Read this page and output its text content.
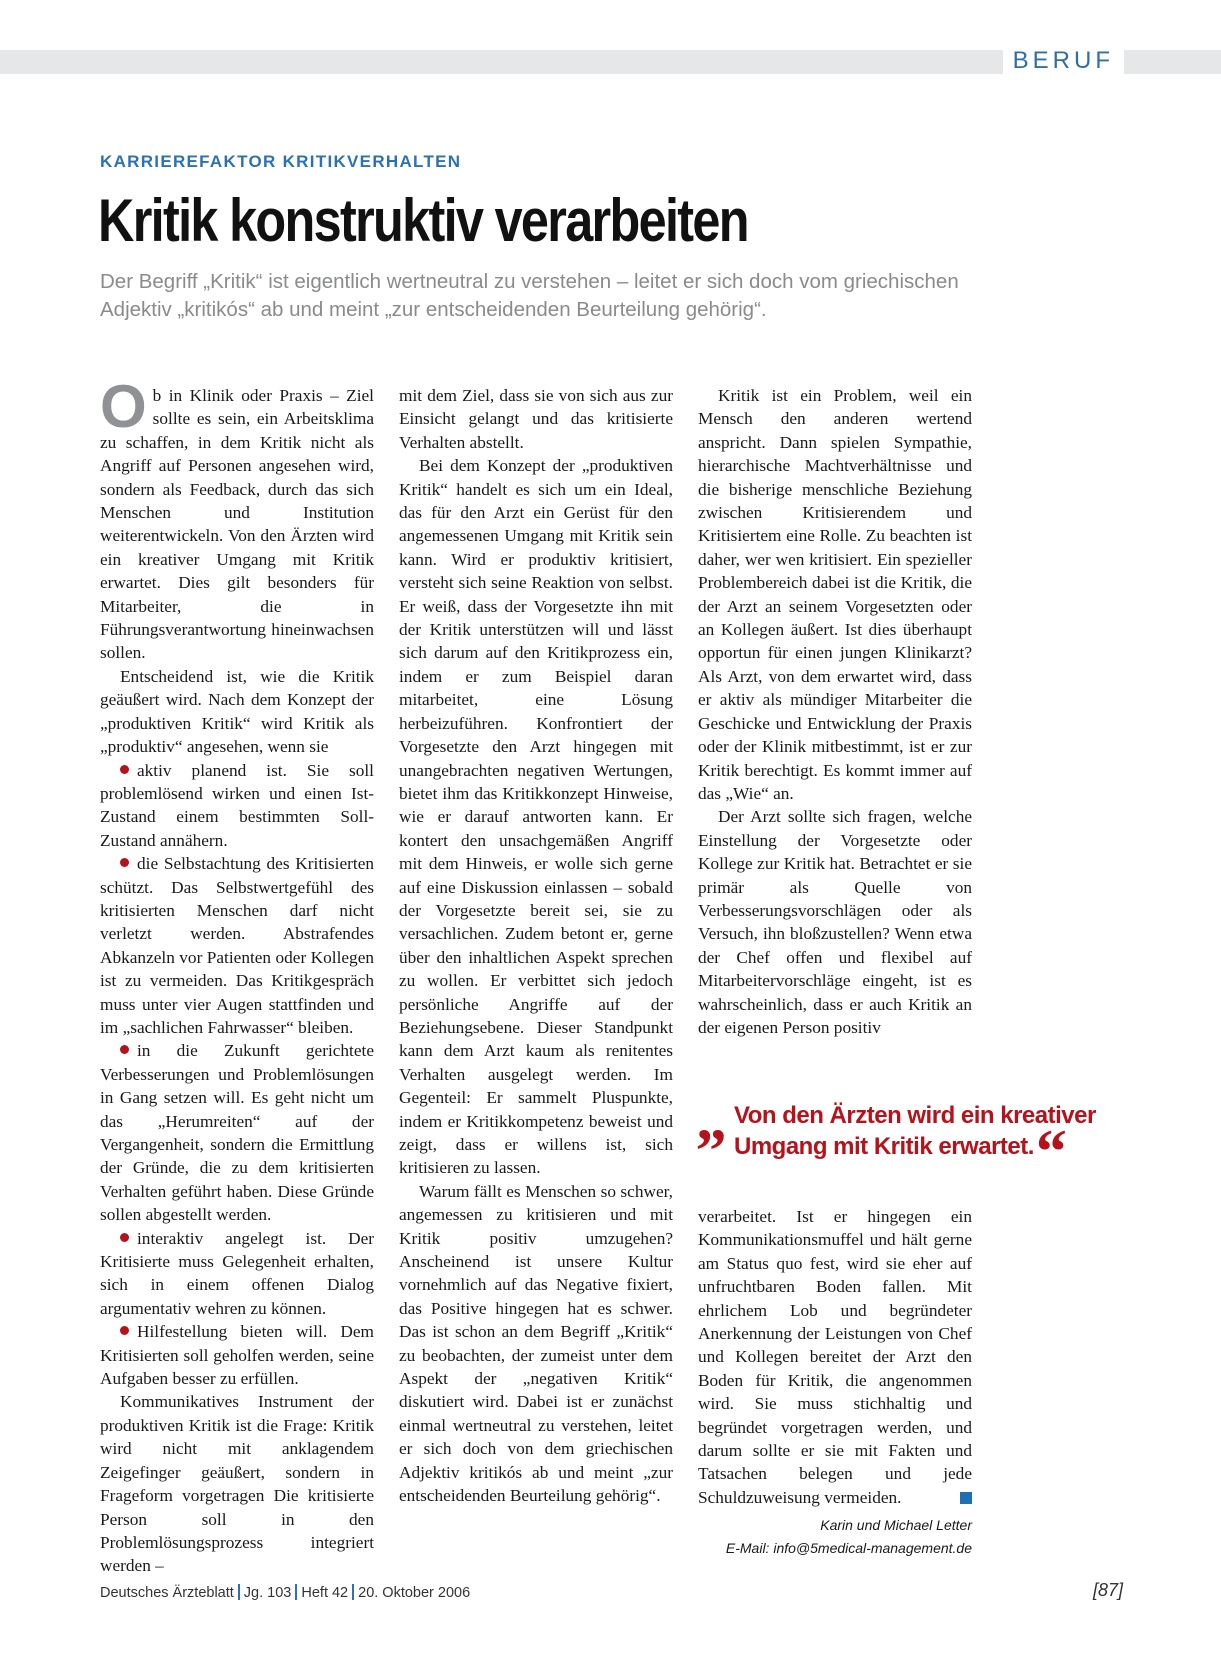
BERUF
KARRIEREFAKTOR KRITIKVERHALTEN
Kritik konstruktiv verarbeiten

Der Begriff „Kritik“ ist eigentlich wertneutral zu verstehen – leitet er sich doch vom griechischen Adjektiv „kritikós“ ab und meint „zur entscheidenden Beurteilung gehörig“.

Ob in Klinik oder Praxis – Ziel sollte es sein, ein Arbeitsklima zu schaffen, in dem Kritik nicht als Angriff auf Personen angesehen wird, sondern als Feedback, durch das sich Menschen und Institution weiterentwickeln. Von den Ärzten wird ein kreativer Umgang mit Kritik erwartet. Dies gilt besonders für Mitarbeiter, die in Führungsverantwortung hineinwachsen sollen.

Entscheidend ist, wie die Kritik geäußert wird. Nach dem Konzept der „produktiven Kritik“ wird Kritik als „produktiv“ angesehen, wenn sie

aktiv planend ist. Sie soll problemlösend wirken und einen Ist-Zustand einem bestimmten Soll-Zustand annähern.

die Selbstachtung des Kritisierten schützt. Das Selbstwertgefühl des kritisierten Menschen darf nicht verletzt werden. Abstrafendes Abkanzeln vor Patienten oder Kollegen ist zu vermeiden. Das Kritikgespräch muss unter vier Augen stattfinden und im „sachlichen Fahrwasser“ bleiben.

in die Zukunft gerichtete Verbesserungen und Problemlösungen in Gang setzen will. Es geht nicht um das „Herumreiten“ auf der Vergangenheit, sondern die Ermittlung der Gründe, die zu dem kritisierten Verhalten geführt haben. Diese Gründe sollen abgestellt werden.

interaktiv angelegt ist. Der Kritisierte muss Gelegenheit erhalten, sich in einem offenen Dialog argumentativ wehren zu können.

Hilfestellung bieten will. Dem Kritisierten soll geholfen werden, seine Aufgaben besser zu erfüllen.

Kommunikatives Instrument der produktiven Kritik ist die Frage: Kritik wird nicht mit anklagendem Zeigefinger geäußert, sondern in Frageform vorgetragen Die kritisierte Person soll in den Problemlösungsprozess integriert werden –

mit dem Ziel, dass sie von sich aus zur Einsicht gelangt und das kritisierte Verhalten abstellt.

Bei dem Konzept der „produktiven Kritik“ handelt es sich um ein Ideal, das für den Arzt ein Gerüst für den angemessenen Umgang mit Kritik sein kann. Wird er produktiv kritisiert, versteht sich seine Reaktion von selbst. Er weiß, dass der Vorgesetzte ihn mit der Kritik unterstützen will und lässt sich darum auf den Kritikprozess ein, indem er zum Beispiel daran mitarbeitet, eine Lösung herbeizuführen. Konfrontiert der Vorgesetzte den Arzt hingegen mit unangebrachten negativen Wertungen, bietet ihm das Kritikkonzept Hinweise, wie er darauf antworten kann. Er kontert den unsachgemäßen Angriff mit dem Hinweis, er wolle sich gerne auf eine Diskussion einlassen – sobald der Vorgesetzte bereit sei, sie zu versachlichen. Zudem betont er, gerne über den inhaltlichen Aspekt sprechen zu wollen. Er verbittet sich jedoch persönliche Angriffe auf der Beziehungsebene. Dieser Standpunkt kann dem Arzt kaum als renitentes Verhalten ausgelegt werden. Im Gegenteil: Er sammelt Pluspunkte, indem er Kritikkompetenz beweist und zeigt, dass er willens ist, sich kritisieren zu lassen.

Warum fällt es Menschen so schwer, angemessen zu kritisieren und mit Kritik positiv umzugehen? Anscheinend ist unsere Kultur vornehmlich auf das Negative fixiert, das Positive hingegen hat es schwer. Das ist schon an dem Begriff „Kritik“ zu beobachten, der zumeist unter dem Aspekt der „negativen Kritik“ diskutiert wird. Dabei ist er zunächst einmal wertneutral zu verstehen, leitet er sich doch von dem griechischen Adjektiv kritikós ab und meint „zur entscheidenden Beurteilung gehörig“.

Kritik ist ein Problem, weil ein Mensch den anderen wertend anspricht. Dann spielen Sympathie, hierarchische Machtverhältnisse und die bisherige menschliche Beziehung zwischen Kritisierendem und Kritisiertem eine Rolle. Zu beachten ist daher, wer wen kritisiert. Ein spezieller Problembereich dabei ist die Kritik, die der Arzt an seinem Vorgesetzten oder an Kollegen äußert. Ist dies überhaupt opportun für einen jungen Klinikarzt? Als Arzt, von dem erwartet wird, dass er aktiv als mündiger Mitarbeiter die Geschicke und Entwicklung der Praxis oder der Klinik mitbestimmt, ist er zur Kritik berechtigt. Es kommt immer auf das „Wie“ an.

Der Arzt sollte sich fragen, welche Einstellung der Vorgesetzte oder Kollege zur Kritik hat. Betrachtet er sie primär als Quelle von Verbesserungsvorschlägen oder als Versuch, ihn bloßzustellen? Wenn etwa der Chef offen und flexibel auf Mitarbeitervorschläge eingeht, ist es wahrscheinlich, dass er auch Kritik an der eigenen Person positiv

„ Von den Ärzten wird ein kreativer
Umgang mit Kritik erwartet.“

verarbeitet. Ist er hingegen ein Kommunikationsmuffel und hält gerne am Status quo fest, wird sie eher auf unfruchtbaren Boden fallen. Mit ehrlichem Lob und begründeter Anerkennung der Leistungen von Chef und Kollegen bereitet der Arzt den Boden für Kritik, die angenommen wird. Sie muss stichhaltig und begründet vorgetragen werden, und darum sollte er sie mit Fakten und Tatsachen belegen und jede Schuldzuweisung vermeiden.

Karin und Michael Letter
E-Mail: info@5medical-management.de
Deutsches Ärzteblatt Jg. 103 Heft 42 20. Oktober 2006	[87]
